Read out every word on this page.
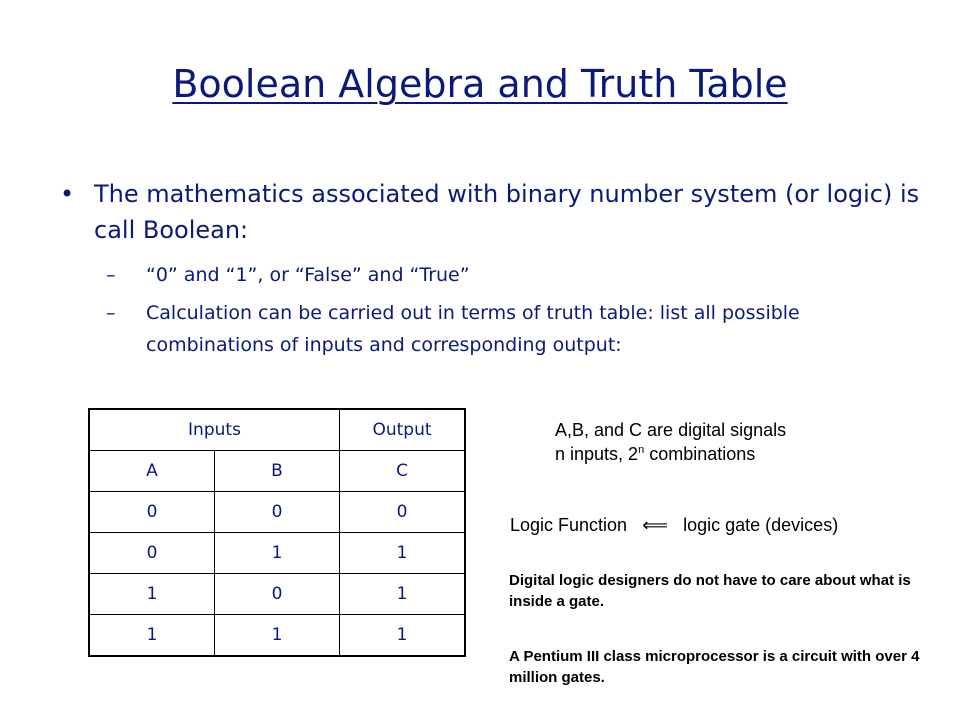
Boolean Algebra and Truth Table
• The mathematics associated with binary number system (or logic) is call Boolean:
– “0” and “1”, or “False” and “True”
– Calculation can be carried out in terms of truth table: list all possible combinations of inputs and corresponding output:
Inputs		Output
A	B	C
0	0	0
0	1	1
1	0	1
1	1	1
A,B, and C are digital signals
n inputs, 2$^n$ combinations
Logic Function ⟸ logic gate (devices)
Digital logic designers do not have to care about what is inside a gate.
A Pentium III class microprocessor is a circuit with over 4 million gates.
